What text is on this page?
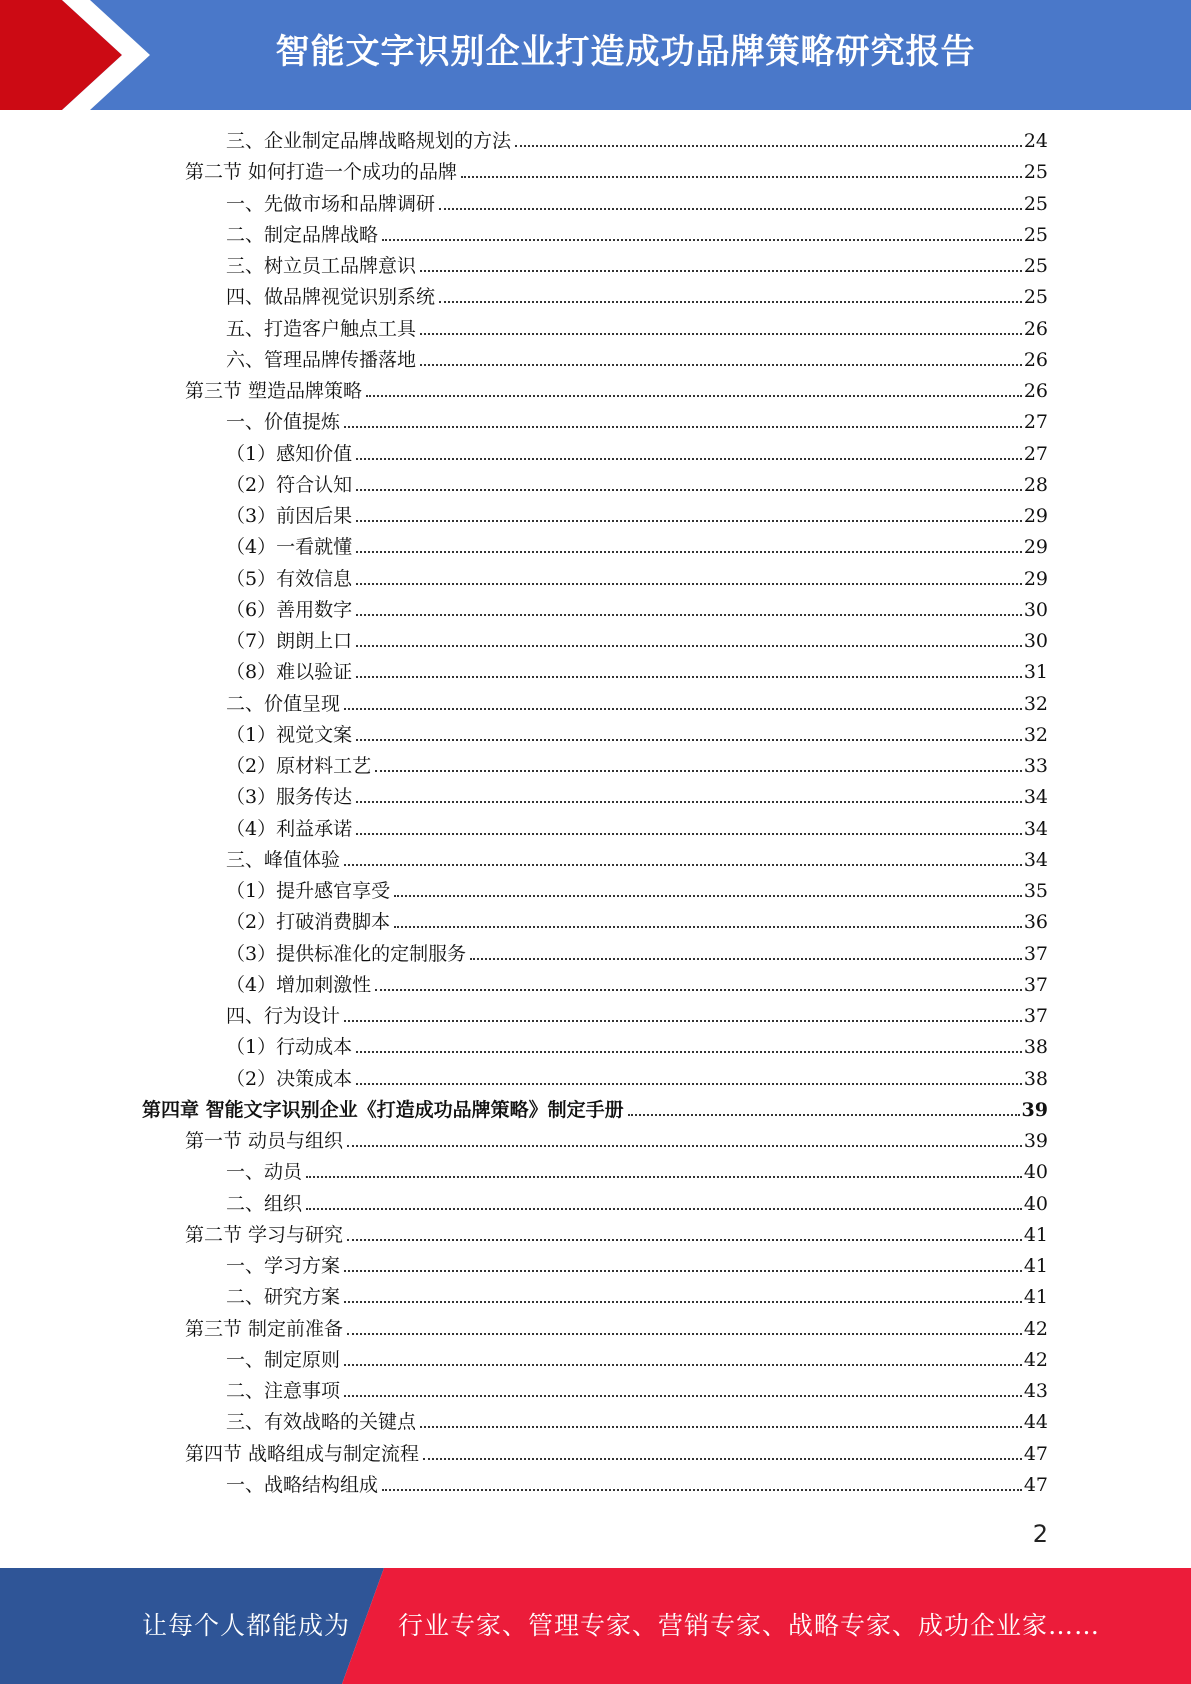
智能文字识别企业打造成功品牌策略研究报告
三、企业制定品牌战略规划的方法	24
第二节 如何打造一个成功的品牌	25
一、先做市场和品牌调研	25
二、制定品牌战略	25
三、树立员工品牌意识	25
四、做品牌视觉识别系统	25
五、打造客户触点工具	26
六、管理品牌传播落地	26
第三节 塑造品牌策略	26
一、价值提炼	27
（1）感知价值	27
（2）符合认知	28
（3）前因后果	29
（4）一看就懂	29
（5）有效信息	29
（6）善用数字	30
（7）朗朗上口	30
（8）难以验证	31
二、价值呈现	32
（1）视觉文案	32
（2）原材料工艺	33
（3）服务传达	34
（4）利益承诺	34
三、峰值体验	34
（1）提升感官享受	35
（2）打破消费脚本	36
（3）提供标准化的定制服务	37
（4）增加刺激性	37
四、行为设计	37
（1）行动成本	38
（2）决策成本	38
第四章 智能文字识别企业《打造成功品牌策略》制定手册	39
第一节 动员与组织	39
一、动员	40
二、组织	40
第二节 学习与研究	41
一、学习方案	41
二、研究方案	41
第三节 制定前准备	42
一、制定原则	42
二、注意事项	43
三、有效战略的关键点	44
第四节 战略组成与制定流程	47
一、战略结构组成	47
2
让每个人都能成为 行业专家、管理专家、营销专家、战略专家、成功企业家……
